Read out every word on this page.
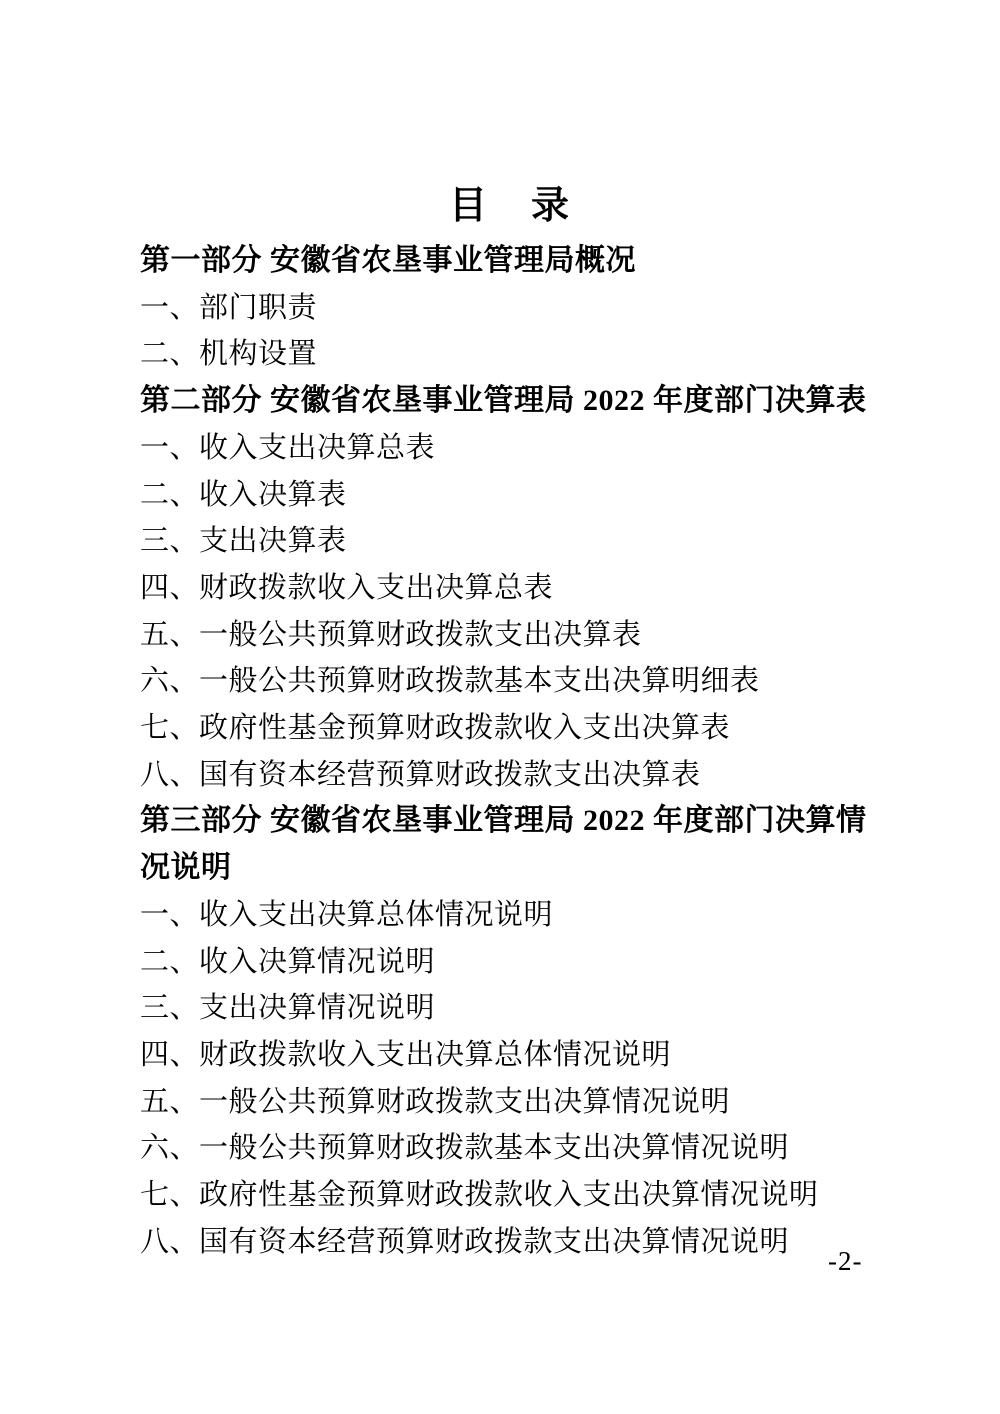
目　录
第一部分 安徽省农垦事业管理局概况
一、部门职责
二、机构设置
第二部分 安徽省农垦事业管理局 2022 年度部门决算表
一、收入支出决算总表
二、收入决算表
三、支出决算表
四、财政拨款收入支出决算总表
五、一般公共预算财政拨款支出决算表
六、一般公共预算财政拨款基本支出决算明细表
七、政府性基金预算财政拨款收入支出决算表
八、国有资本经营预算财政拨款支出决算表
第三部分 安徽省农垦事业管理局 2022 年度部门决算情况说明
一、收入支出决算总体情况说明
二、收入决算情况说明
三、支出决算情况说明
四、财政拨款收入支出决算总体情况说明
五、一般公共预算财政拨款支出决算情况说明
六、一般公共预算财政拨款基本支出决算情况说明
七、政府性基金预算财政拨款收入支出决算情况说明
八、国有资本经营预算财政拨款支出决算情况说明
-2-
